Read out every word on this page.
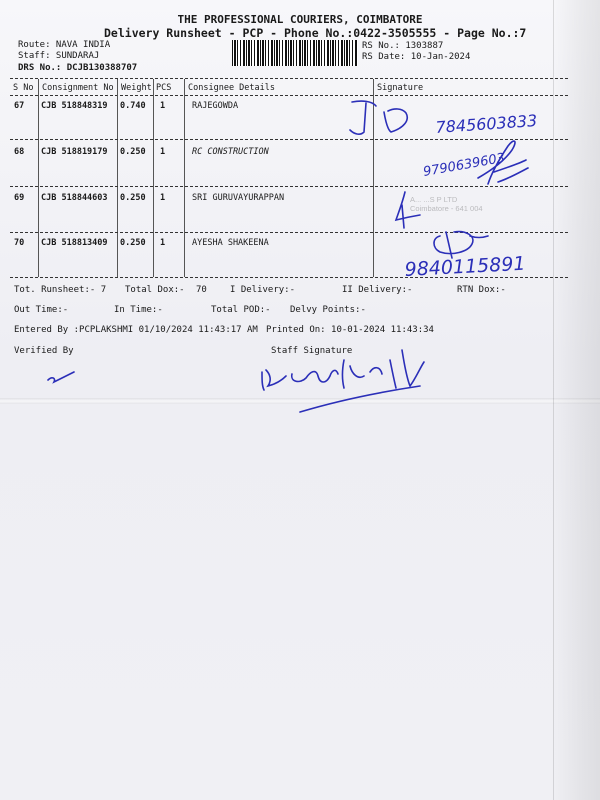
THE PROFESSIONAL COURIERS, COIMBATORE
Delivery Runsheet - PCP - Phone No.:0422-3505555 - Page No.:7
Route: NAVA INDIA
Staff: SUNDARAJ
DRS No.: DCJB130388707
RS No.: 1303887
RS Date: 10-Jan-2024
S No Consignment No Weight PCS Consignee Details	Signature
67 CJB 518848319 0.740 1	RAJEGOWDA
68 CJB 518819179 0.250 1	RC CONSTRUCTION
69 CJB 518844603 0.250 1	SRI GURUVAYURAPPAN
70 CJB 518813409 0.250 1	AYESHA SHAKEENA
A... ...S P LTD
Coimbatore - 641 004
Tot. Runsheet:- 7 Total Dox:- 70	I Delivery:-	II Delivery:-	RTN Dox:-
Out Time:-	In Time:-	Total POD:- Delvy Points:-
Entered By :PCPLAKSHMI 01/10/2024 11:43:17 AM Printed On: 10-01-2024 11:43:34
Verified By	Staff Signature
7845603833
9790639603
9840115891
